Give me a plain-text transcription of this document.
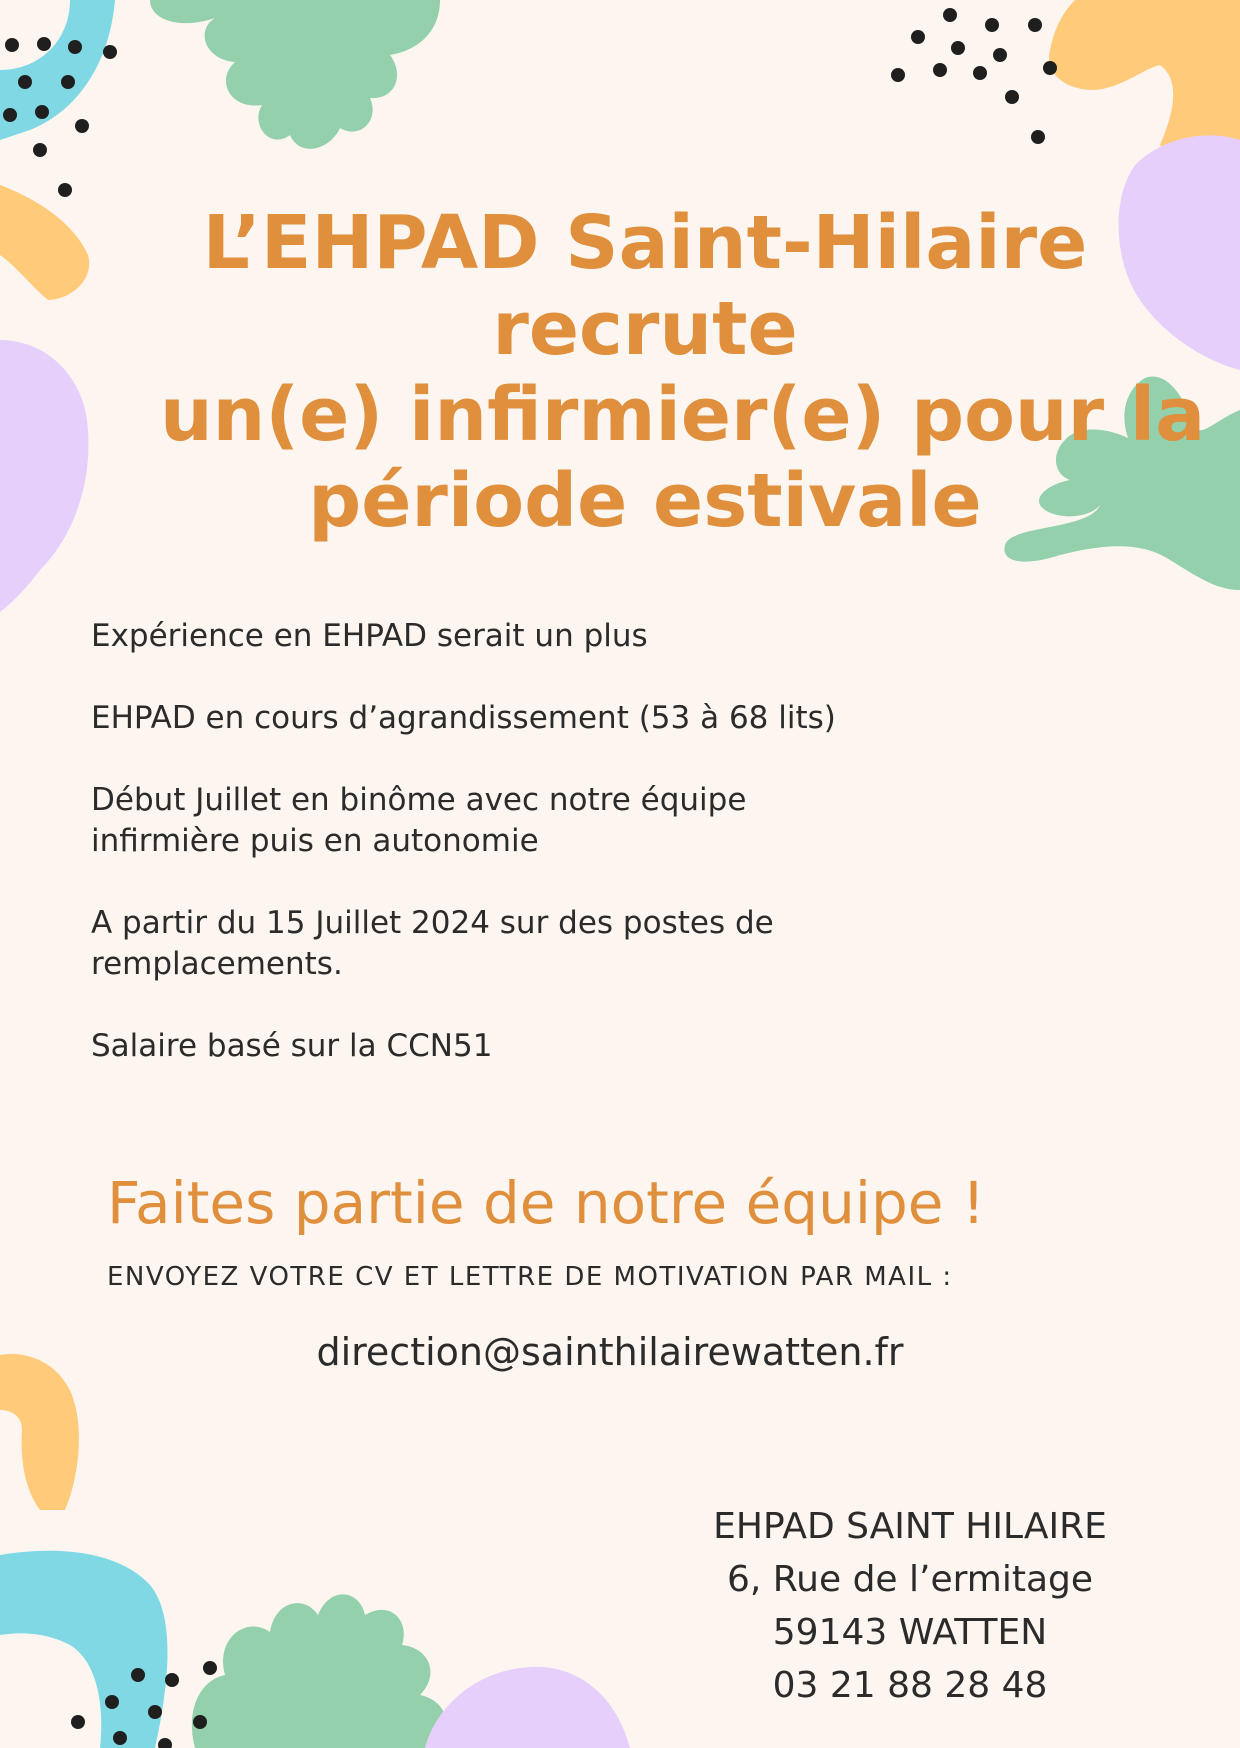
L’EHPAD Saint-Hilaire
recrute
un(e) infirmier(e) pour la
période estivale

Expérience en EHPAD serait un plus

EHPAD en cours d’agrandissement (53 à 68 lits)

Début Juillet en binôme avec notre équipe
infirmière puis en autonomie

A partir du 15 Juillet 2024 sur des postes de
remplacements.

Salaire basé sur la CCN51

Faites partie de notre équipe !
ENVOYEZ VOTRE CV ET LETTRE DE MOTIVATION PAR MAIL :
direction@sainthilairewatten.fr
EHPAD SAINT HILAIRE
6, Rue de l’ermitage
59143 WATTEN
03 21 88 28 48
